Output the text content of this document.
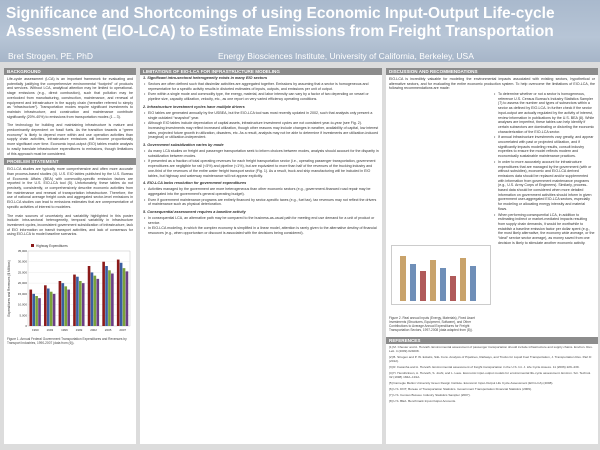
Significance and Shortcomings of using Economic Input-Output Life-cycle Assessment (EIO-LCA) to Estimate Emissions from Freight Transportation
Bret Strogen, PE, PhD	Energy Biosciences Institute, University of California, Berkeley, USA
BACKGROUND
Life-cycle assessment (LCA) is an important framework for evaluating and potentially justifying the comprehensive environmental “footprint” of products and services. Without LCA, analytical attention may be limited to operational-stage emissions (e.g., direct combustion), such that pollution may be overlooked from manufacturing, construction, maintenance, and renewal of equipment and infrastructure in the supply chain (hereafter referred to simply as “infrastructure”). Transportation modes require significant investments to maintain infrastructure, and construction and maintenance contribute significantly (20%-40%) to emissions from transportation modes (1 – 3).
The technology for building and maintaining infrastructure is mature and predominantly dependent on fossil fuels. As the transition towards a “green economy” is likely to depend more within and use operation activities than supply chain activities, infrastructure emissions will become proportionally more significant over time. Economic input-output (EIO) tables enable analysts to easily translate infrastructure expenditures to emissions, though limitations of this approach must be considered.
PROBLEM STATEMENT
EIO-LCA studies are typically more comprehensive and often more accurate than process-based studies (4). U.S. EIO tables published by the U.S. Bureau of Economic Affairs (BEA) with commodity-specific emission factors are reported in the U.S. EIO-LCA tool (5). Unfortunately, these tables do not precisely, consistently, or comprehensively describe economic activities from the maintenance and renewal of transportation infrastructure. Therefore, the use of national average freight costs and aggregated sector-level emissions in EIO-LCA studies can lead to emissions estimates that are unrepresentative of specific activities of interest to modelers.
The main sources of uncertainty and variability highlighted in this poster include: intra-sectoral heterogeneity, temporal variability in infrastructure investment cycles, inconsistent government subsidization of infrastructure, lack of EIO information on transit transport activities, and lack of consensus for using EIO-LCA to model baseline scenarios.
35,000
30,000
25,000
20,000
15,000
10,000
5,000
0
Expenditures and Revenues ($ Millions)
1990	1993	1996	1999	2002	2005	2007
Highway Expenditures
Figure 1. Annual Federal Government Transportation Expenditures and Revenues by Transport Industries, 1990-2007 (data from (6)).
LIMITATIONS OF EIO-LCA FOR INFRASTRUCTURE MODELING
1. Significant intra-sectoral heterogeneity exists in many EIO sectors
• Sectors are often defined such that dissimilar activities are aggregated together. Emissions by assuming that a sector is homogeneous and representative for a specific activity results in distorted estimates of inputs, outputs, and emissions per unit of output.
• Even within a single mode and commodity type, the energy, material, and labor intensity can vary by a factor of two depending on vessel or pipeline size, capacity utilization, velocity, etc., as one report on very varied efficiency operating conditions.
2. Infrastructure investment cycles have multiple drivers
• EIO tables are generated annually by the USBEA, but the EIO-LCA tool was most recently updated in 2002, such that analysts only present a single outdated “snapshot” year.
• Although EIO tables include depreciation of capital assets, infrastructure investment cycles are not consistent year-to-year (see Fig. 2). Increasing investments may reflect increased utilization, though other reasons may include changes in weather, availability of capital, low interest rates, projected future growth in utilization, disasters, etc. As a result, analysts may not be able to determine if investments are utilization-induced (marginal) or utilization-independent.
3. Government subsidization varies by mode
• As many LCA studies on freight and passenger transportation seek to inform choices between modes, analysts should account for the disparity in subsidization between modes.
• If presented as a fraction of total operating revenues for each freight transportation sector (i.e., operating passenger transportation, government expenditures are negligible for rail (<5%) and pipeline (<1%), but are equivalent to more than half of the revenues of the trucking industry and one-third of the revenues of the entire water freight transport sector (Fig. 1). As a result, truck and ship manufacturing will be included in EIO tables, but highway and waterway maintenance will not appear explicitly.
4. EIO-LCA lacks resolution for government expenditures
• Activities managed by the government are more heterogeneous than other economic sectors (e.g., government-financed road repair may be aggregated into the government’s general operating budget).
• Even if government maintenance programs are entirely financed by sector-specific taxes (e.g., fuel tax), tax revenues may not reflect the drivers of maintenance such as physical deterioration.
5. Consequential assessment requires a baseline activity
• In consequential LCA, an alternative path may be compared to the business-as-usual path for meeting end use demand for a unit of product or service.
• In EIO-LCA modeling, in which the complex economy is simplified in a linear model, attention is rarely given to the alternative destiny of financial resources (e.g., when opportunism or discount is associated with the decisions being considered).
DISCUSSION AND RECOMMENDATIONS
EIO-LCA is incredibly valuable for modeling the environmental impacts associated with existing sectors, hypothetical or alternative sectors, and for evaluating the entire economic production system. To help overcome the limitations of EIO-LCA, the following recommendations are made:
• To determine whether or not a sector is homogeneous, reference U.S. Census Bureau’s Industry Statistics Sampler (7) to assess the number and types of subsectors within a sector as defined by EIO-LCA. In further check if the sector input-output are actually regulated by the activity of interest, review information in publications by the U.S. BEA (8). While analyses are imperfect, these tables can help identify if certain subsectors are dominating or distorting the economic characterization of the EIO-LCA sector.
• If annual infrastructure investments vary greatly, and appear uncorrelated with past or projected utilization, and if significantly impacts modeling results, consult industry experties to ensure the model reflects modern and economically sustainable maintenance practices.
• In order to more accurately account for infrastructure expenditures that are managed by the government (with or without subsidies), economic and EIO-LCA derived emissions data should be replaced and/or supplemented with information from government maintenance programs (e.g., U.S. Army Corps of Engineers). Similarly, process-based data should be considered when more detailed information on government activities should inform in given government user-aggregated EIO-LCA sectors, especially for modeling or allocating energy intensity and material flows.
• When performing consequential LCA, in addition to estimating indirect or market-mediated impacts resulting from supply chain demands, it would be worthwhile to establish a baseline emission factor per dollar spent (e.g., the most likely alternative, the economy wide average, or the “ideal” service sector average), as money saved from one decision is likely to stimulate another economic activity.
Figure 2. Real annual Inputs (Energy, Materials), Fixed Asset Investments (Structures, Equipment, Software), and Other Contributions to Average Annual Expenditures for Freight Transportation Sectors, 1997-2008 (data adapted from (8)).
REFERENCES
[1] M. Chester and A. Horvath. Environmental assessment of passenger transportation should include infrastructure and supply chains. Environ. Res. Lett. 4 (2009) 024008.
[2] B. Strogen and P. W. Eckelis, S&L Conv. Analysis of Pipelines, Railways, and Trucks for Liquid Fuel Transportation, J. Transportation Res. Part D (2012).
[3] R. Facanha and A. Horvath. Environmental assessment of freight transportation in the U.S. Int. J. Life Cycle Assess. 11 (2006) 229–239.
[4] H. Hendrickson, A. Horvath, S. Joshi, and L. Lave. Economic input-output models for environmental life-cycle assessment. Environ. Sci. Technol. 32 (1998) 184A–191A.
[5] Carnegie Mellon University Green Design Institute. Economic Input-Output Life Cycle Assessment (EIO-LCA) (2008).
[6] U.S. DOT, Bureau of Transportation Statistics. Government Transportation Financial Statistics (2009).
[7] U.S. Census Bureau. Industry Statistics Sampler (2007).
[8] U.S. BEA. Benchmark Input-Output Accounts.
